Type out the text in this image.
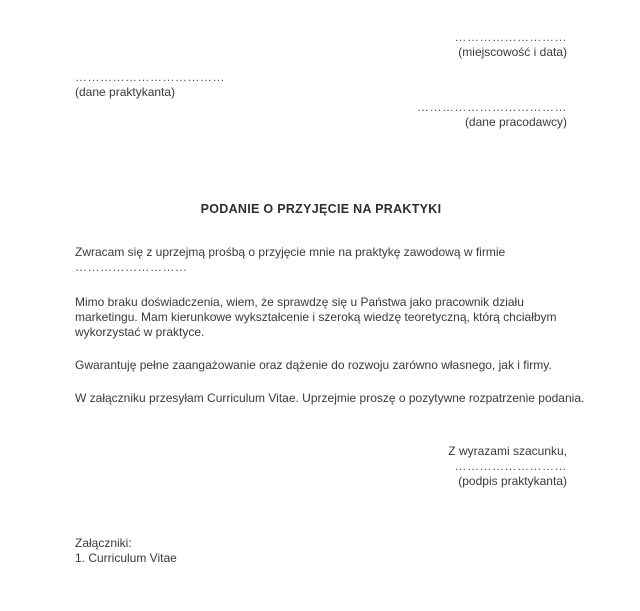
………………………
(miejscowość i data)
………………………………
(dane praktykanta)
………………………………
(dane pracodawcy)
PODANIE O PRZYJĘCIE NA PRAKTYKI
Zwracam się z uprzejmą prośbą o przyjęcie mnie na praktykę zawodową w firmie
………………………
Mimo braku doświadczenia, wiem, że sprawdzę się u Państwa jako pracownik działu marketingu. Mam kierunkowe wykształcenie i szeroką wiedzę teoretyczną, którą chciałbym wykorzystać w praktyce.
Gwarantuję pełne zaangażowanie oraz dążenie do rozwoju zarówno własnego, jak i firmy.
W załączniku przesyłam Curriculum Vitae. Uprzejmie proszę o pozytywne rozpatrzenie podania.
Z wyrazami szacunku,
………………………
(podpis praktykanta)
Załączniki:
1. Curriculum Vitae
